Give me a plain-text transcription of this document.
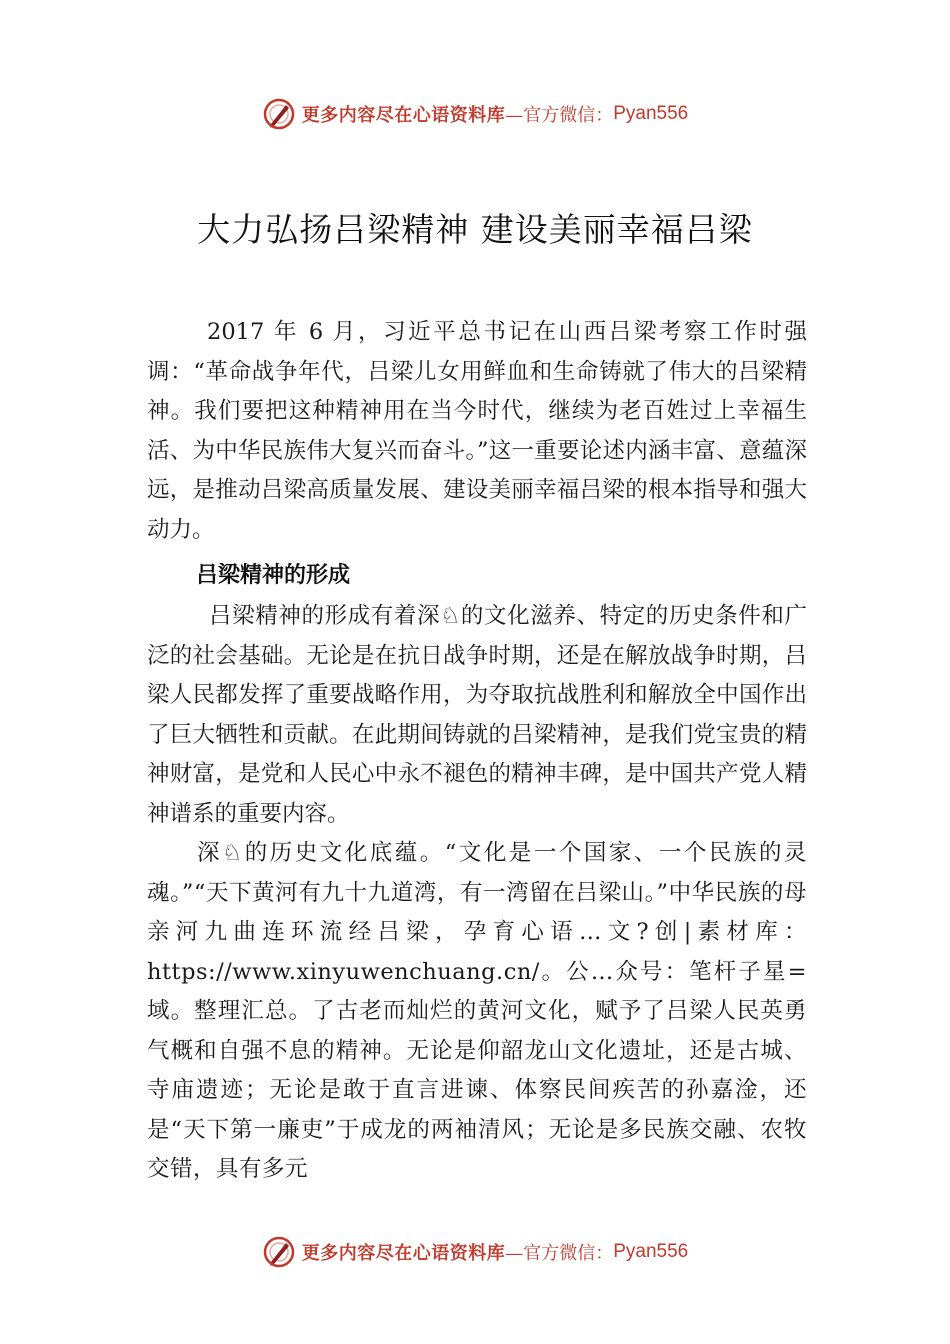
更多内容尽在心语资料库 —官方微信： Pyan556
大力弘扬吕梁精神 建设美丽幸福吕梁

2017 年 6 月，习近平总书记在山西吕梁考察工作时强调：“革命战争年代，吕梁儿女用鲜血和生命铸就了伟大的吕梁精神。我们要把这种精神用在当今时代，继续为老百姓过上幸福生活、为中华民族伟大复兴而奋斗。”这一重要论述内涵丰富、意蕴深远，是推动吕梁高质量发展、建设美丽幸福吕梁的根本指导和强大动力。

吕梁精神的形成

吕梁精神的形成有着深♘的文化滋养、特定的历史条件和广泛的社会基础。无论是在抗日战争时期，还是在解放战争时期，吕梁人民都发挥了重要战略作用，为夺取抗战胜利和解放全中国作出了巨大牺牲和贡献。在此期间铸就的吕梁精神，是我们党宝贵的精神财富，是党和人民心中永不褪色的精神丰碑，是中国共产党人精神谱系的重要内容。

深♘的历史文化底蕴。“文化是一个国家、一个民族的灵魂。”“天下黄河有九十九道湾，有一湾留在吕梁山。”中华民族的母亲河九曲连环流经吕梁，孕育心语…文?创|素材库：https://www.xinyuwenchuang.cn/。公…众号：笔杆子星=域。整理汇总。了古老而灿烂的黄河文化，赋予了吕梁人民英勇气概和自强不息的精神。无论是仰韶龙山文化遗址，还是古城、寺庙遗迹；无论是敢于直言进谏、体察民间疾苦的孙嘉淦，还是“天下第一廉吏”于成龙的两袖清风；无论是多民族交融、农牧交错，具有多元

更多内容尽在心语资料库 —官方微信： Pyan556
